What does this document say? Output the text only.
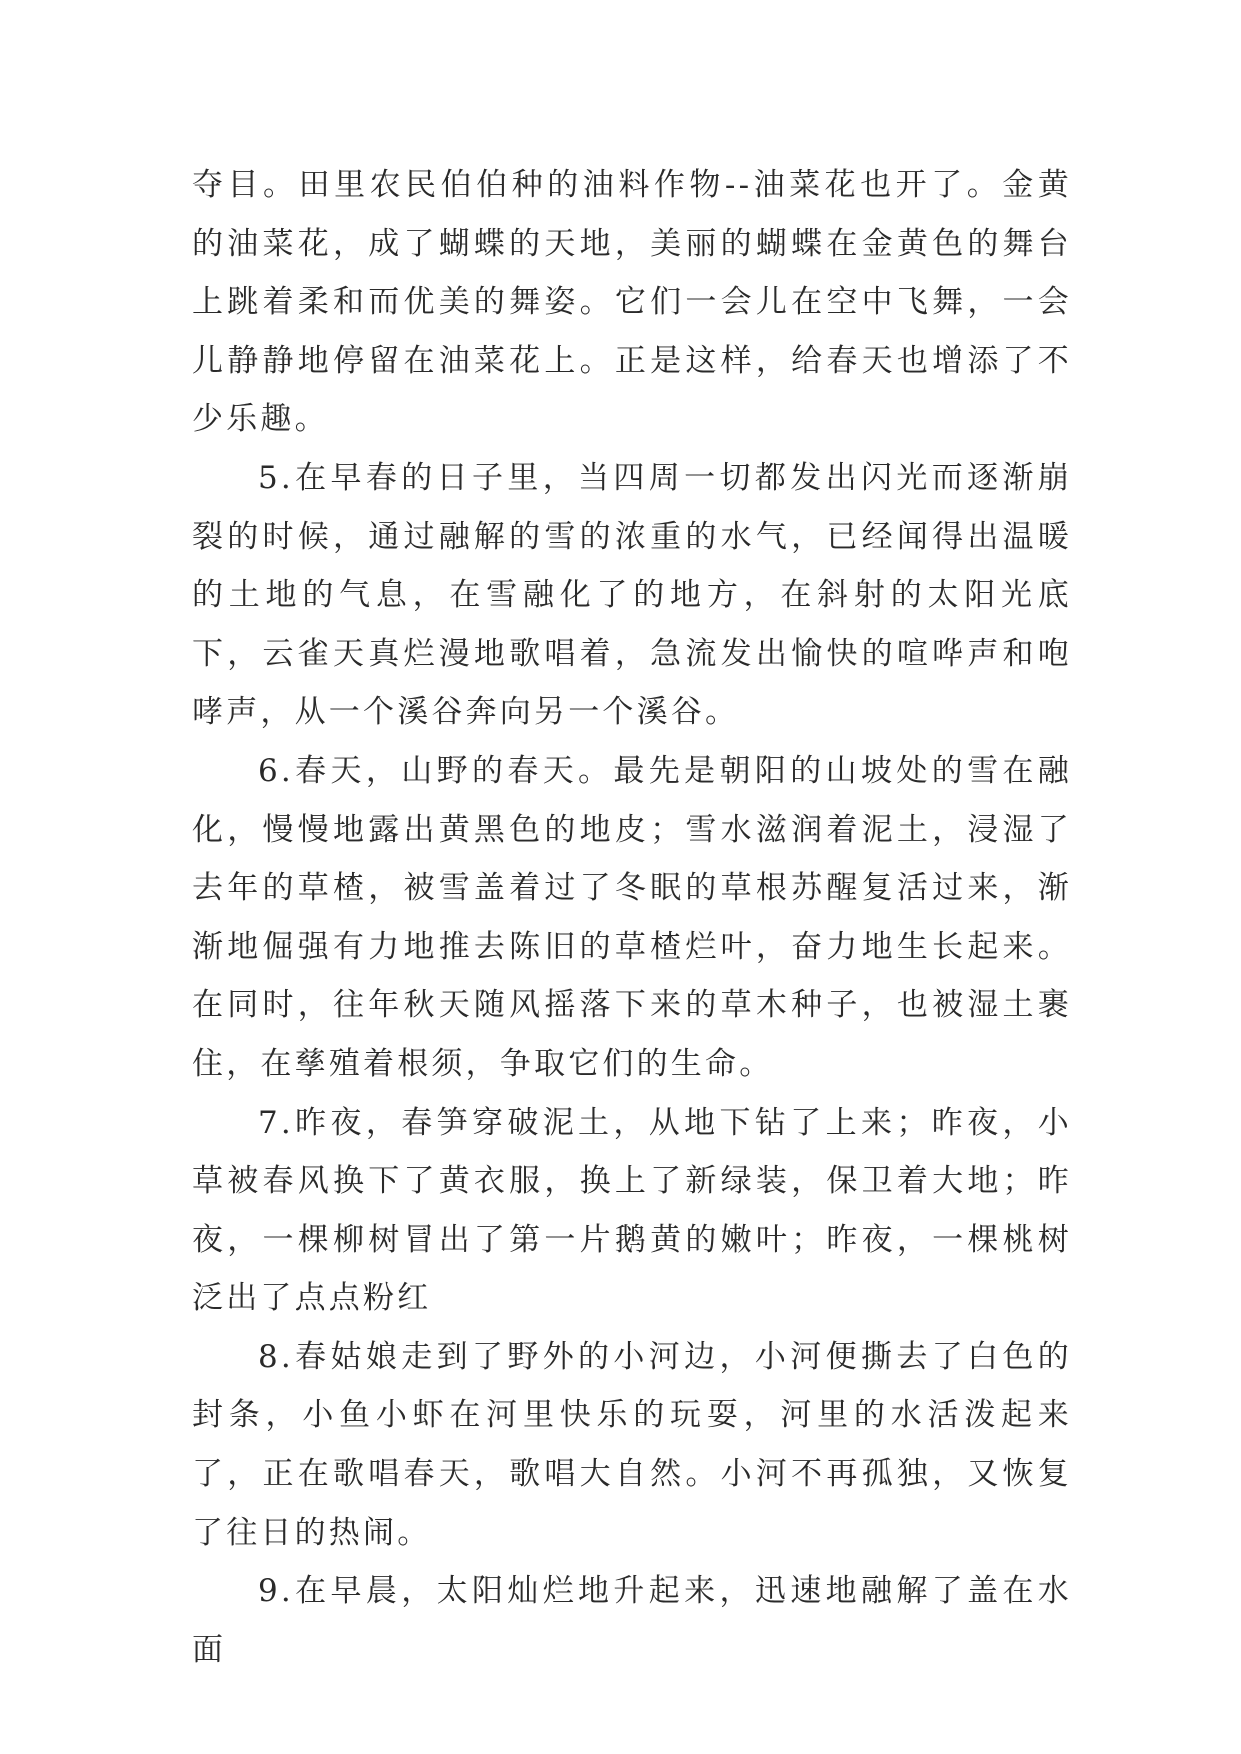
夺目。田里农民伯伯种的油料作物--油菜花也开了。金黄的油菜花，成了蝴蝶的天地，美丽的蝴蝶在金黄色的舞台上跳着柔和而优美的舞姿。它们一会儿在空中飞舞，一会儿静静地停留在油菜花上。正是这样，给春天也增添了不少乐趣。

5.在早春的日子里，当四周一切都发出闪光而逐渐崩裂的时候，通过融解的雪的浓重的水气，已经闻得出温暖的土地的气息，在雪融化了的地方，在斜射的太阳光底下，云雀天真烂漫地歌唱着，急流发出愉快的喧哗声和咆哮声，从一个溪谷奔向另一个溪谷。

6.春天，山野的春天。最先是朝阳的山坡处的雪在融化，慢慢地露出黄黑色的地皮；雪水滋润着泥土，浸湿了去年的草楂，被雪盖着过了冬眠的草根苏醒复活过来，渐渐地倔强有力地推去陈旧的草楂烂叶，奋力地生长起来。在同时，往年秋天随风摇落下来的草木种子，也被湿土裹住，在孳殖着根须，争取它们的生命。

7.昨夜，春笋穿破泥土，从地下钻了上来；昨夜，小草被春风换下了黄衣服，换上了新绿装，保卫着大地；昨夜，一棵柳树冒出了第一片鹅黄的嫩叶；昨夜，一棵桃树泛出了点点粉红

8.春姑娘走到了野外的小河边，小河便撕去了白色的封条，小鱼小虾在河里快乐的玩耍，河里的水活泼起来了，正在歌唱春天，歌唱大自然。小河不再孤独，又恢复了往日的热闹。

9.在早晨，太阳灿烂地升起来，迅速地融解了盖在水面
